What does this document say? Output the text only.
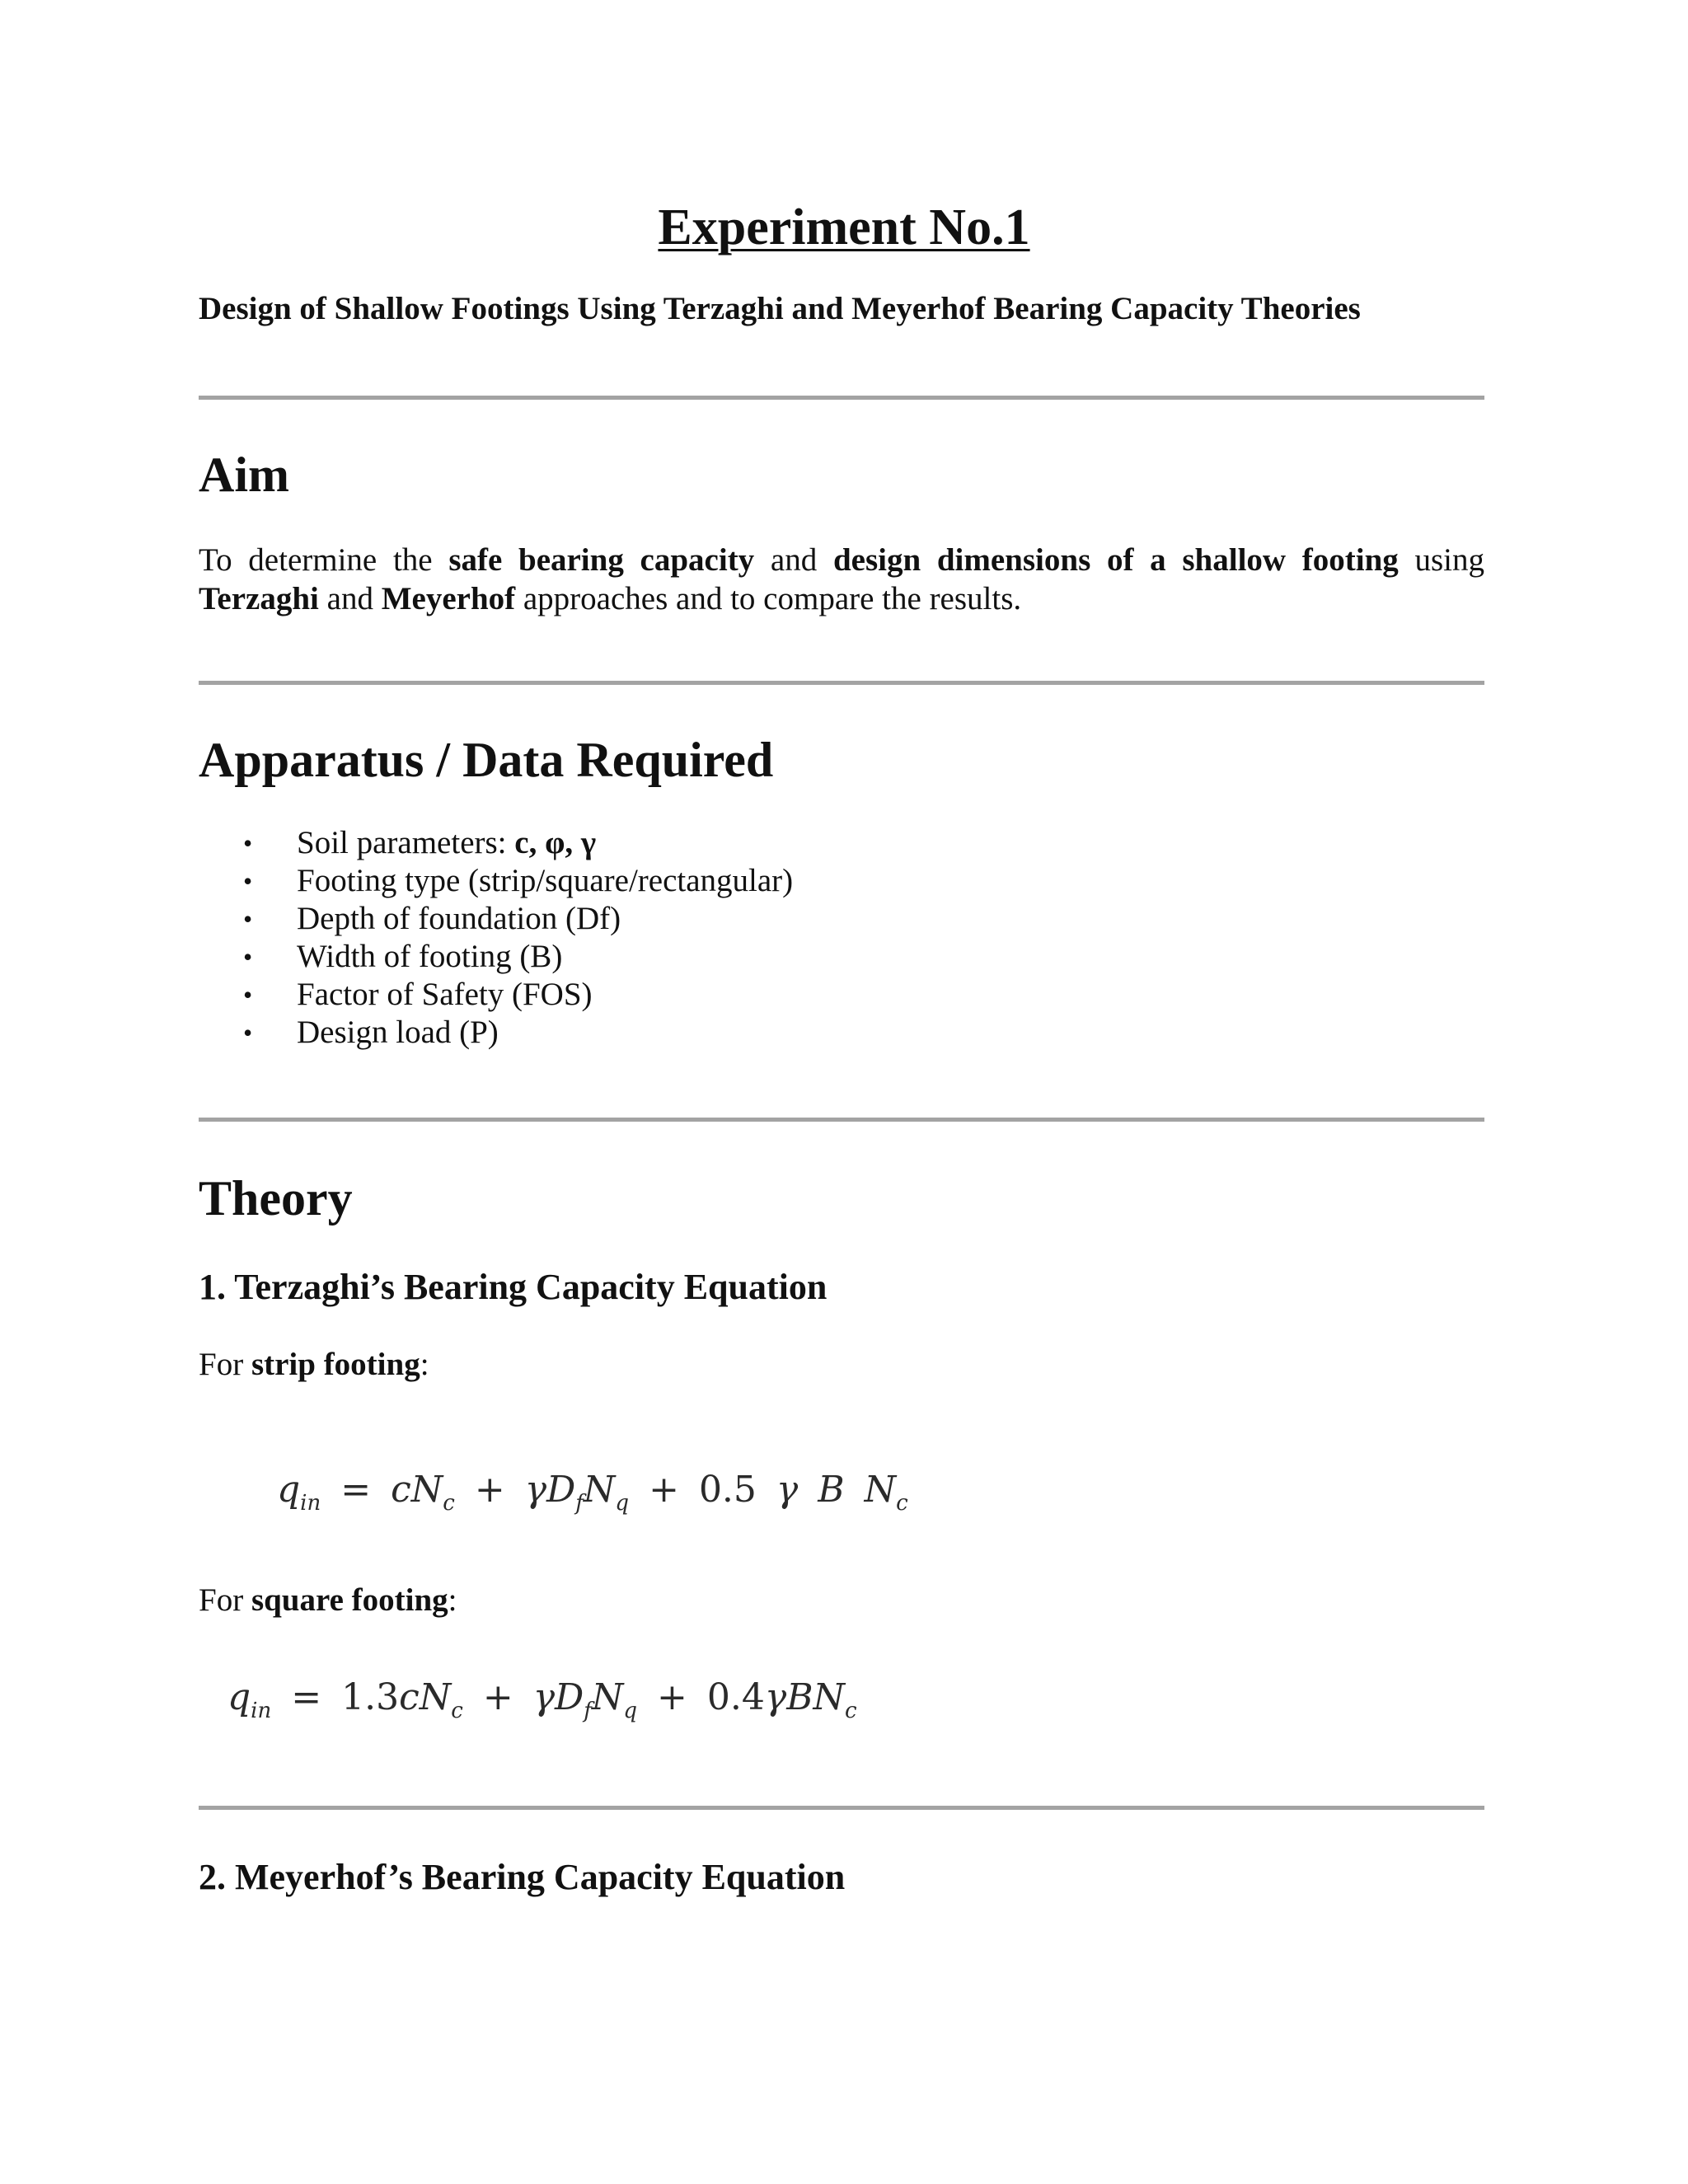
Experiment No.1
Design of Shallow Footings Using Terzaghi and Meyerhof Bearing Capacity Theories
Aim
To determine the safe bearing capacity and design dimensions of a shallow footing using Terzaghi and Meyerhof approaches and to compare the results.
Apparatus / Data Required
• Soil parameters: c, φ, γ
• Footing type (strip/square/rectangular)
• Depth of foundation (Df)
• Width of footing (B)
• Factor of Safety (FOS)
• Design load (P)
Theory
1. Terzaghi’s Bearing Capacity Equation
For strip footing:
$q_{in} = cN_c + \gamma D_fN_q + 0.5$ γ B $N_c$
For square footing:
$q_{in} = 1.3cN_c + \gamma D_fN_q + 0.4\gamma BN_c$
2. Meyerhof’s Bearing Capacity Equation
